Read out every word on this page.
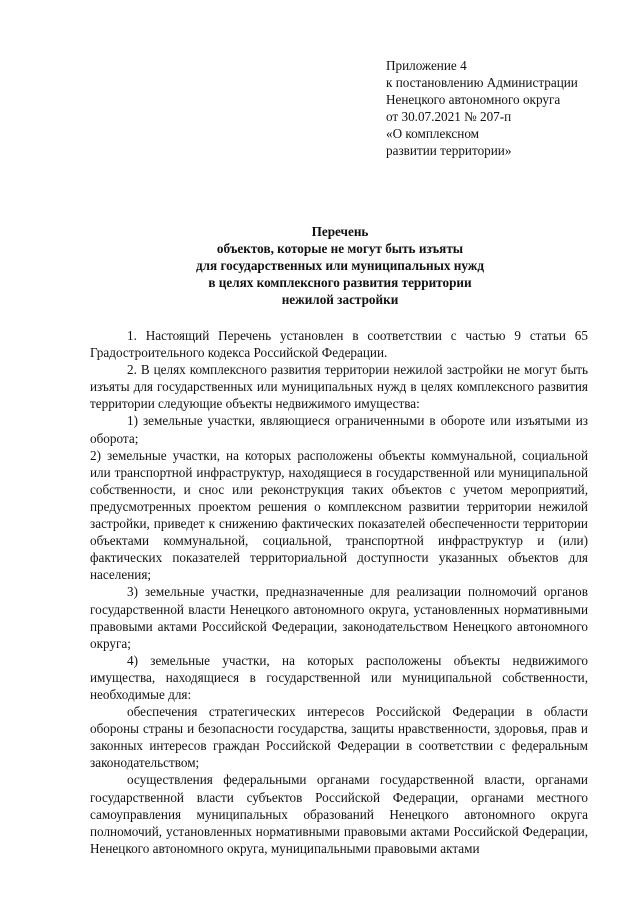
Приложение 4
к постановлению Администрации
Ненецкого автономного округа
от 30.07.2021 № 207-п
«О комплексном
развитии территории»
Перечень
объектов, которые не могут быть изъяты
для государственных или муниципальных нужд
в целях комплексного развития территории
нежилой застройки

1. Настоящий Перечень установлен в соответствии с частью 9 статьи 65 Градостроительного кодекса Российской Федерации.

2. В целях комплексного развития территории нежилой застройки не могут быть изъяты для государственных или муниципальных нужд в целях комплексного развития территории следующие объекты недвижимого имущества:

1) земельные участки, являющиеся ограниченными в обороте или изъятыми из оборота;

2) земельные участки, на которых расположены объекты коммунальной, социальной или транспортной инфраструктур, находящиеся в государственной или муниципальной собственности, и снос или реконструкция таких объектов с учетом мероприятий, предусмотренных проектом решения о комплексном развитии территории нежилой застройки, приведет к снижению фактических показателей обеспеченности территории объектами коммунальной, социальной, транспортной инфраструктур и (или) фактических показателей территориальной доступности указанных объектов для населения;

3) земельные участки, предназначенные для реализации полномочий органов государственной власти Ненецкого автономного округа, установленных нормативными правовыми актами Российской Федерации, законодательством Ненецкого автономного округа;

4) земельные участки, на которых расположены объекты недвижимого имущества, находящиеся в государственной или муниципальной собственности, необходимые для:

обеспечения стратегических интересов Российской Федерации в области обороны страны и безопасности государства, защиты нравственности, здоровья, прав и законных интересов граждан Российской Федерации в соответствии с федеральным законодательством;

осуществления федеральными органами государственной власти, органами государственной власти субъектов Российской Федерации, органами местного самоуправления муниципальных образований Ненецкого автономного округа полномочий, установленных нормативными правовыми актами Российской Федерации, Ненецкого автономного округа, муниципальными правовыми актами
